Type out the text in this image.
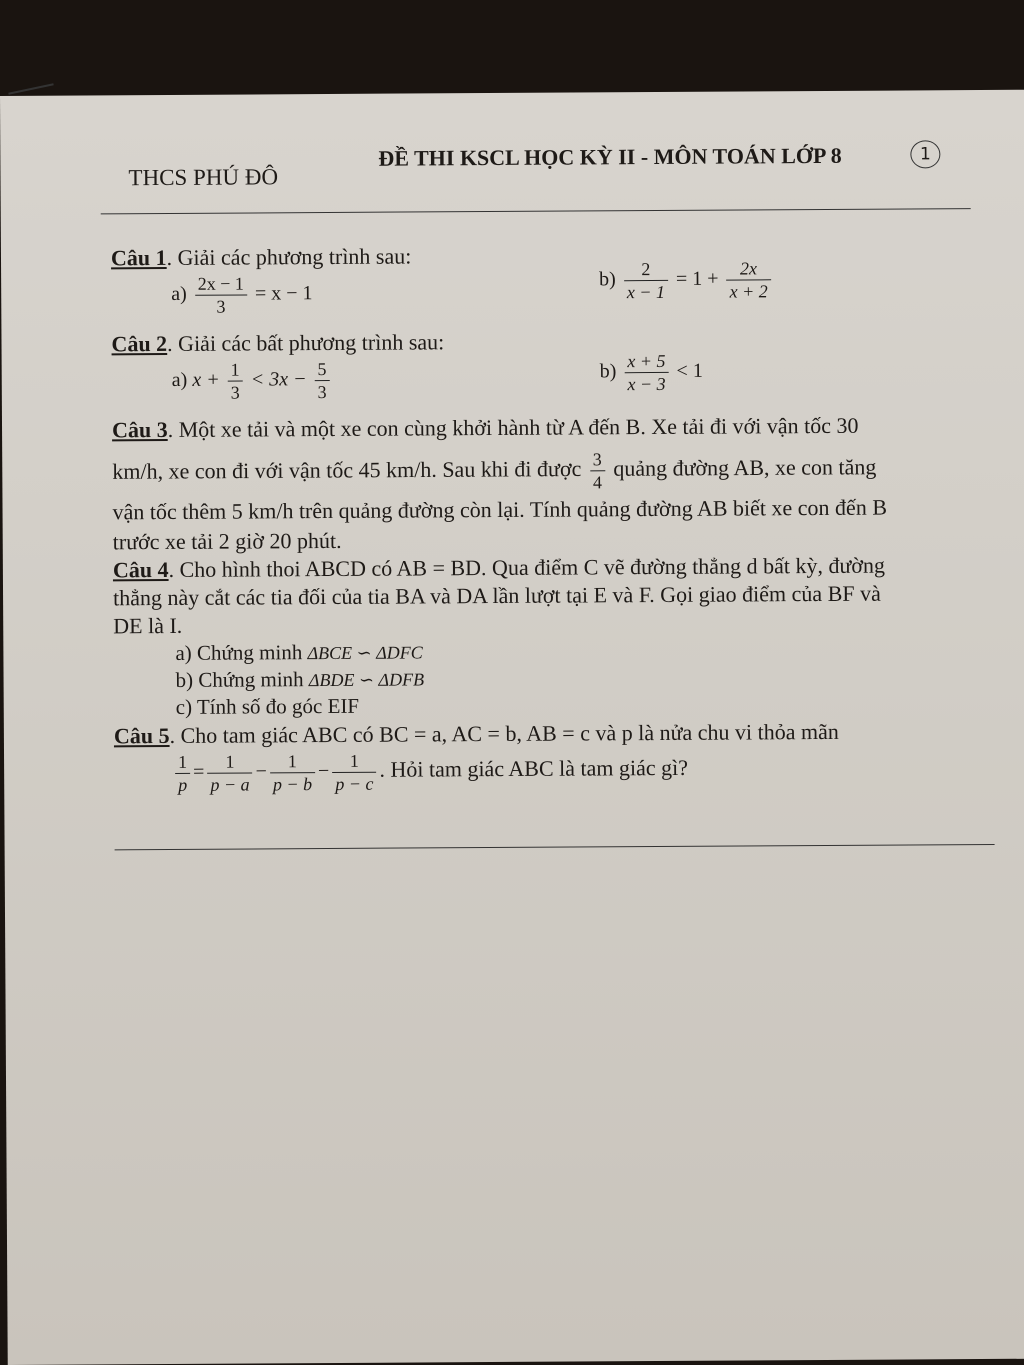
THCS PHÚ ĐÔ
ĐỀ THI KSCL HỌC KỲ II - MÔN TOÁN LỚP 8	1
Câu 1. Giải các phương trình sau:
$a) \frac{2x - 1}{3} = x - 1$
$b) \frac{2}{x - 1} = 1 + \frac{2x}{x + 2}$
Câu 2. Giải các bất phương trình sau:
a) $x + \frac{1}{3} < 3x - \frac{5}{3}$	$b) \frac{x + 5}{x - 3} < 1$
Câu 3. Một xe tải và một xe con cùng khởi hành từ A đến B. Xe tải đi với vận tốc 30
km/h, xe con đi với vận tốc 45 km/h. Sau khi đi được $\frac{3}{4}$ quảng đường AB, xe con tăng
vận tốc thêm 5 km/h trên quảng đường còn lại. Tính quảng đường AB biết xe con đến B
trước xe tải 2 giờ 20 phút.
Câu 4. Cho hình thoi ABCD có AB = BD. Qua điểm C vẽ đường thẳng d bất kỳ, đường
thẳng này cắt các tia đối của tia BA và DA lần lượt tại E và F. Gọi giao điểm của BF và
DE là I.
a) Chứng minh ΔBCE ∽ ΔDFC
b) Chứng minh ΔBDE ∽ ΔDFB
c) Tính số đo góc EIF
Câu 5. Cho tam giác ABC có BC = a, AC = b, AB = c và p là nửa chu vi thỏa mãn
$\frac{1}{p} = \frac{1}{p - a} - \frac{1}{p - b} - \frac{1}{p - c}$ . Hỏi tam giác ABC là tam giác gì?
